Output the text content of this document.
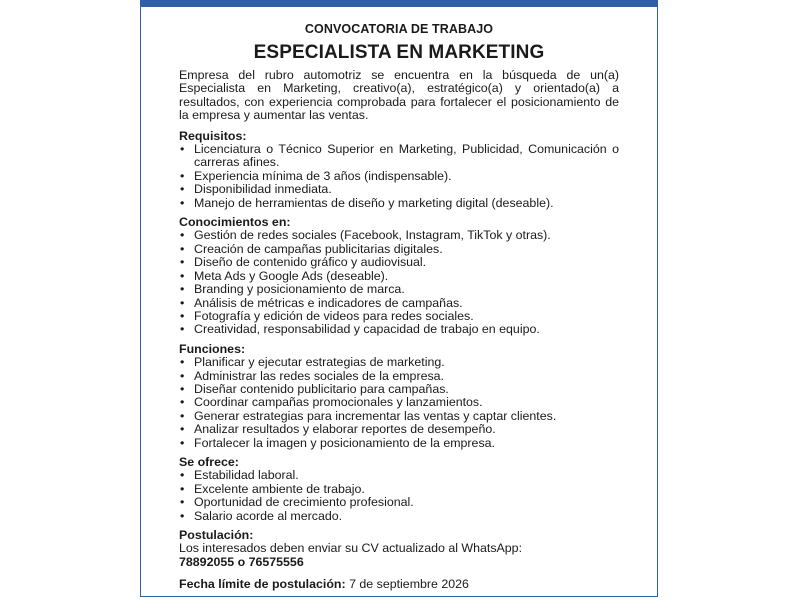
CONVOCATORIA DE TRABAJO
ESPECIALISTA EN MARKETING
Empresa del rubro automotriz se encuentra en la búsqueda de un(a) Especialista en Marketing, creativo(a), estratégico(a) y orientado(a) a resultados, con experiencia comprobada para fortalecer el posicionamiento de la empresa y aumentar las ventas.
Requisitos:
• Licenciatura o Técnico Superior en Marketing, Publicidad, Comunicación o carreras afines.
• Experiencia mínima de 3 años (indispensable).
• Disponibilidad inmediata.
• Manejo de herramientas de diseño y marketing digital (deseable).
Conocimientos en:
• Gestión de redes sociales (Facebook, Instagram, TikTok y otras).
• Creación de campañas publicitarias digitales.
• Diseño de contenido gráfico y audiovisual.
• Meta Ads y Google Ads (deseable).
• Branding y posicionamiento de marca.
• Análisis de métricas e indicadores de campañas.
• Fotografía y edición de videos para redes sociales.
• Creatividad, responsabilidad y capacidad de trabajo en equipo.
Funciones:
• Planificar y ejecutar estrategias de marketing.
• Administrar las redes sociales de la empresa.
• Diseñar contenido publicitario para campañas.
• Coordinar campañas promocionales y lanzamientos.
• Generar estrategias para incrementar las ventas y captar clientes.
• Analizar resultados y elaborar reportes de desempeño.
• Fortalecer la imagen y posicionamiento de la empresa.
Se ofrece:
• Estabilidad laboral.
• Excelente ambiente de trabajo.
• Oportunidad de crecimiento profesional.
• Salario acorde al mercado.
Postulación:
Los interesados deben enviar su CV actualizado al WhatsApp:
78892055 o 76575556
Fecha límite de postulación: 7 de septiembre 2026
